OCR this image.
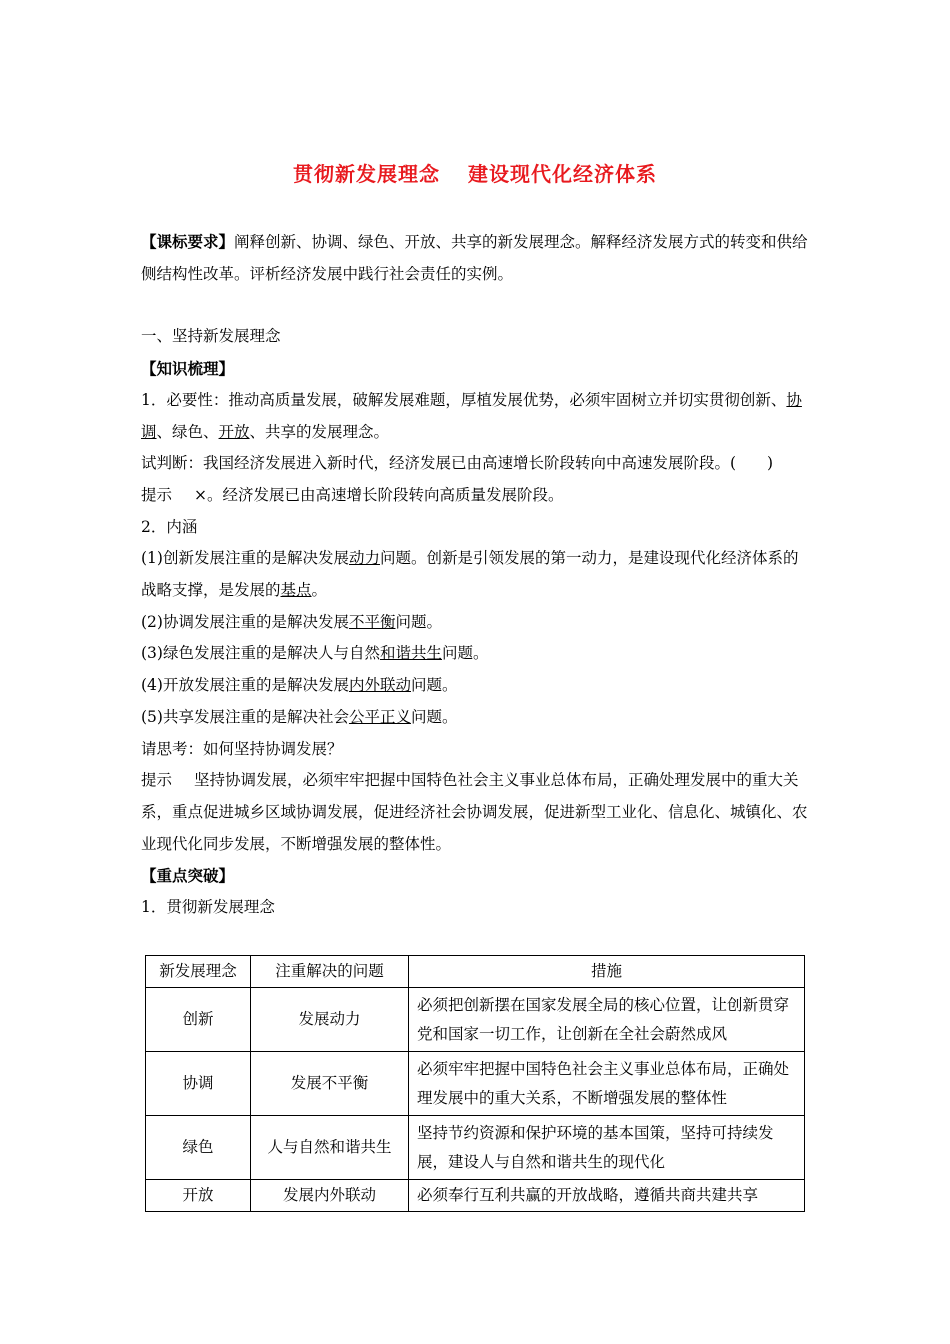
贯彻新发展理念 建设现代化经济体系

【课标要求】阐释创新、协调、绿色、开放、共享的新发展理念。解释经济发展方式的转变和供给侧结构性改革。评析经济发展中践行社会责任的实例。

一、坚持新发展理念

【知识梳理】

1．必要性：推动高质量发展，破解发展难题，厚植发展优势，必须牢固树立并切实贯彻创新、协调、绿色、开放、共享的发展理念。

试判断：我国经济发展进入新时代，经济发展已由高速增长阶段转向中高速发展阶段。(　　)

提示 ×。经济发展已由高速增长阶段转向高质量发展阶段。

2．内涵

(1)创新发展注重的是解决发展动力问题。创新是引领发展的第一动力，是建设现代化经济体系的战略支撑，是发展的基点。

(2)协调发展注重的是解决发展不平衡问题。

(3)绿色发展注重的是解决人与自然和谐共生问题。

(4)开放发展注重的是解决发展内外联动问题。

(5)共享发展注重的是解决社会公平正义问题。

请思考：如何坚持协调发展？

提示 坚持协调发展，必须牢牢把握中国特色社会主义事业总体布局，正确处理发展中的重大关系，重点促进城乡区域协调发展，促进经济社会协调发展，促进新型工业化、信息化、城镇化、农业现代化同步发展，不断增强发展的整体性。

【重点突破】

1．贯彻新发展理念

新发展理念	注重解决的问题	措施
创新	发展动力	必须把创新摆在国家发展全局的核心位置，让创新贯穿党和国家一切工作，让创新在全社会蔚然成风
协调	发展不平衡	必须牢牢把握中国特色社会主义事业总体布局，正确处理发展中的重大关系，不断增强发展的整体性
绿色	人与自然和谐共生	坚持节约资源和保护环境的基本国策，坚持可持续发展，建设人与自然和谐共生的现代化
开放	发展内外联动	必须奉行互利共赢的开放战略，遵循共商共建共享
